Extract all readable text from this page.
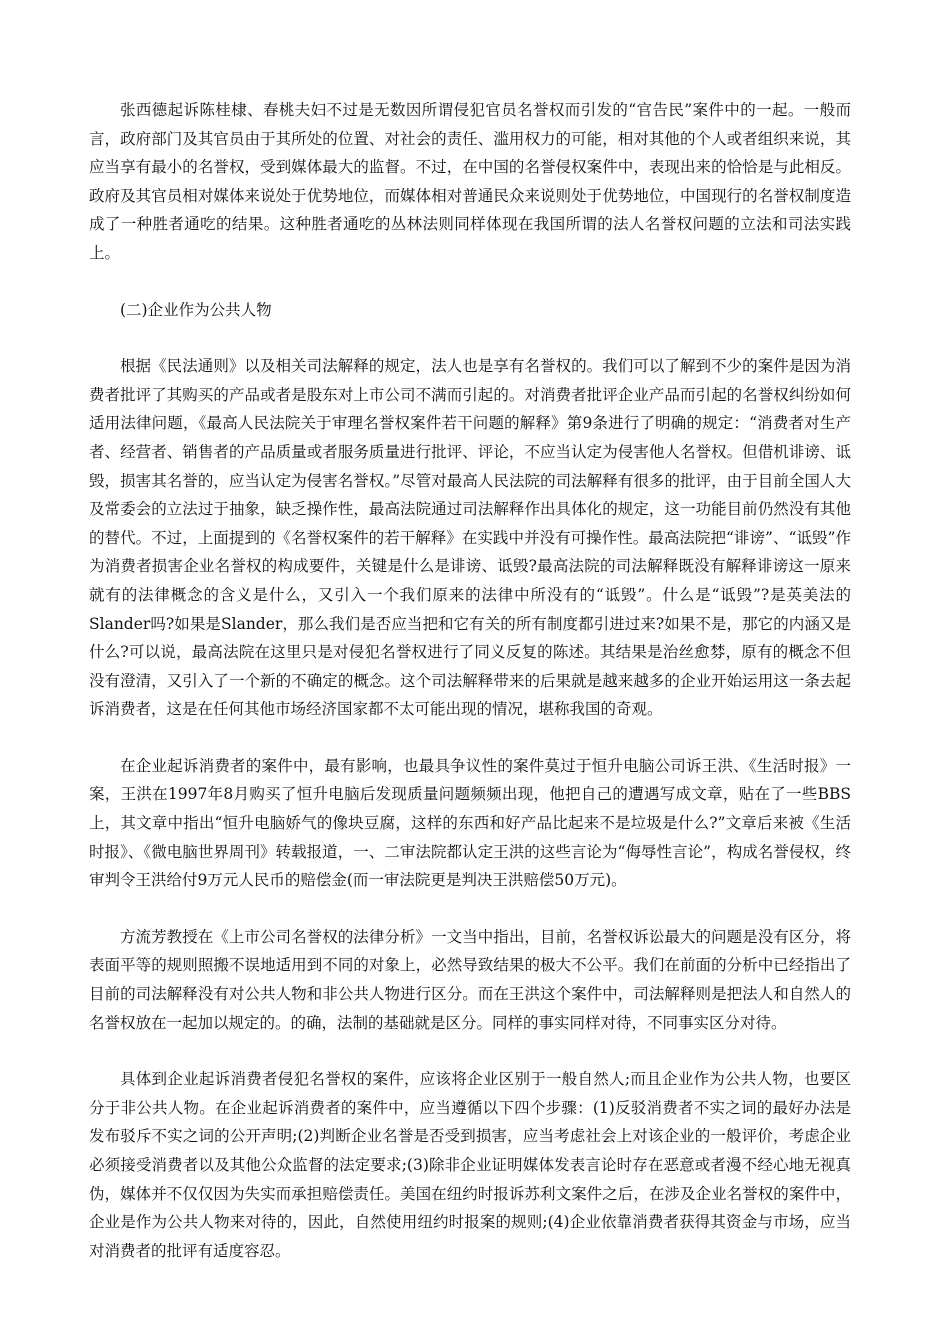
张西德起诉陈桂棣、春桃夫妇不过是无数因所谓侵犯官员名誉权而引发的“官告民”案件中的一起。一般而言，政府部门及其官员由于其所处的位置、对社会的责任、滥用权力的可能，相对其他的个人或者组织来说，其应当享有最小的名誉权，受到媒体最大的监督。不过，在中国的名誉侵权案件中，表现出来的恰恰是与此相反。政府及其官员相对媒体来说处于优势地位，而媒体相对普通民众来说则处于优势地位，中国现行的名誉权制度造成了一种胜者通吃的结果。这种胜者通吃的丛林法则同样体现在我国所谓的法人名誉权问题的立法和司法实践上。

(二)企业作为公共人物

根据《民法通则》以及相关司法解释的规定，法人也是享有名誉权的。我们可以了解到不少的案件是因为消费者批评了其购买的产品或者是股东对上市公司不满而引起的。对消费者批评企业产品而引起的名誉权纠纷如何适用法律问题，《最高人民法院关于审理名誉权案件若干问题的解释》第9条进行了明确的规定：“消费者对生产者、经营者、销售者的产品质量或者服务质量进行批评、评论，不应当认定为侵害他人名誉权。但借机诽谤、诋毁，损害其名誉的，应当认定为侵害名誉权。”尽管对最高人民法院的司法解释有很多的批评，由于目前全国人大及常委会的立法过于抽象，缺乏操作性，最高法院通过司法解释作出具体化的规定，这一功能目前仍然没有其他的替代。不过，上面提到的《名誉权案件的若干解释》在实践中并没有可操作性。最高法院把“诽谤”、“诋毁”作为消费者损害企业名誉权的构成要件，关键是什么是诽谤、诋毁?最高法院的司法解释既没有解释诽谤这一原来就有的法律概念的含义是什么，又引入一个我们原来的法律中所没有的“诋毁”。什么是“诋毁”?是英美法的Slander吗?如果是Slander，那么我们是否应当把和它有关的所有制度都引进过来?如果不是，那它的内涵又是什么?可以说，最高法院在这里只是对侵犯名誉权进行了同义反复的陈述。其结果是治丝愈棼，原有的概念不但没有澄清，又引入了一个新的不确定的概念。这个司法解释带来的后果就是越来越多的企业开始运用这一条去起诉消费者，这是在任何其他市场经济国家都不太可能出现的情况，堪称我国的奇观。

在企业起诉消费者的案件中，最有影响，也最具争议性的案件莫过于恒升电脑公司诉王洪、《生活时报》一案，王洪在1997年8月购买了恒升电脑后发现质量问题频频出现，他把自己的遭遇写成文章，贴在了一些BBS上，其文章中指出“恒升电脑娇气的像块豆腐，这样的东西和好产品比起来不是垃圾是什么?”文章后来被《生活时报》、《微电脑世界周刊》转载报道，一、二审法院都认定王洪的这些言论为“侮辱性言论”，构成名誉侵权，终审判令王洪给付9万元人民币的赔偿金(而一审法院更是判决王洪赔偿50万元)。

方流芳教授在《上市公司名誉权的法律分析》一文当中指出，目前，名誉权诉讼最大的问题是没有区分，将表面平等的规则照搬不误地适用到不同的对象上，必然导致结果的极大不公平。我们在前面的分析中已经指出了目前的司法解释没有对公共人物和非公共人物进行区分。而在王洪这个案件中，司法解释则是把法人和自然人的名誉权放在一起加以规定的。的确，法制的基础就是区分。同样的事实同样对待，不同事实区分对待。

具体到企业起诉消费者侵犯名誉权的案件，应该将企业区别于一般自然人;而且企业作为公共人物，也要区分于非公共人物。在企业起诉消费者的案件中，应当遵循以下四个步骤：(1)反驳消费者不实之词的最好办法是发布驳斥不实之词的公开声明;(2)判断企业名誉是否受到损害，应当考虑社会上对该企业的一般评价，考虑企业必须接受消费者以及其他公众监督的法定要求;(3)除非企业证明媒体发表言论时存在恶意或者漫不经心地无视真伪，媒体并不仅仅因为失实而承担赔偿责任。美国在纽约时报诉苏利文案件之后，在涉及企业名誉权的案件中，企业是作为公共人物来对待的，因此，自然使用纽约时报案的规则;(4)企业依靠消费者获得其资金与市场，应当对消费者的批评有适度容忍。
